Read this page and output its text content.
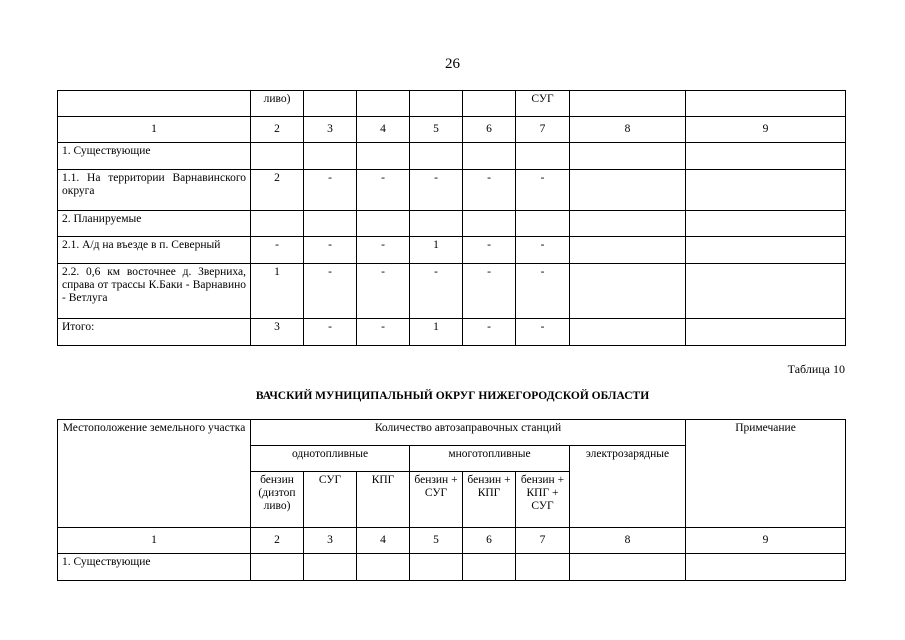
26
	ливо)					СУГ		
1	2	3	4	5	6	7	8	9
1. Существующие								
1.1. На территории Варнавинского округа	2	-	-	-	-	-		
2. Планируемые								
2.1. А/д на въезде в п. Северный	-	-	-	1	-	-		
2.2. 0,6 км восточнее д. Зверниха, справа от трассы К.Баки - Варнавино - Ветлуга	1	-	-	-	-	-		
Итого:	3	-	-	1	-	-		
Таблица 10
ВАЧСКИЙ МУНИЦИПАЛЬНЫЙ ОКРУГ НИЖЕГОРОДСКОЙ ОБЛАСТИ
Местоположение земельного участка	Количество автозаправочных станций							Примечание
	однотопливные			многотопливные			электрозарядные	
	бензин (дизтоп ливо)	СУГ	КПГ	бензин + СУГ	бензин + КПГ	бензин + КПГ + СУГ		
1	2	3	4	5	6	7	8	9
1. Существующие								
